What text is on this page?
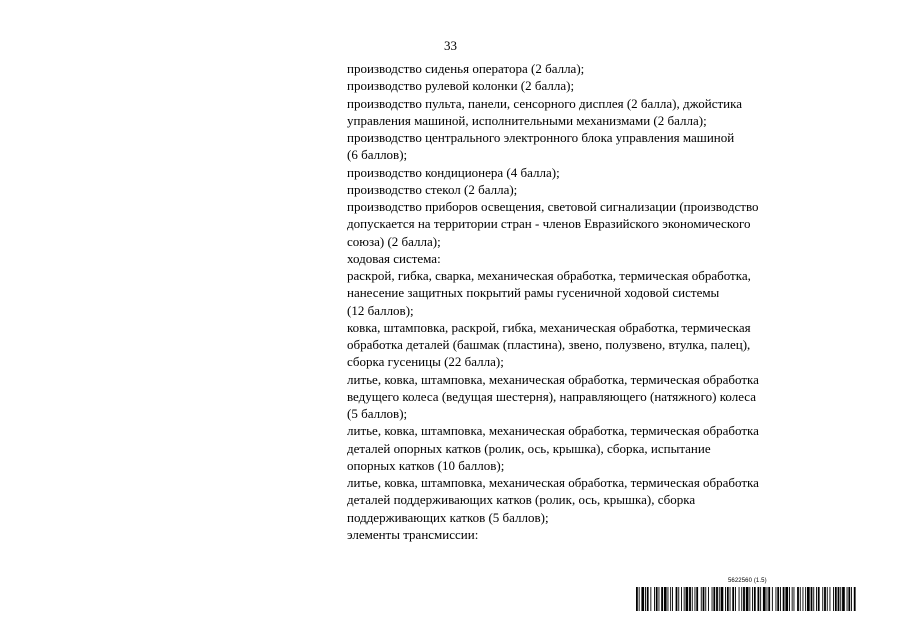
33

производство сиденья оператора (2 балла);

производство рулевой колонки (2 балла);

производство пульта, панели, сенсорного дисплея (2 балла), джойстика

управления машиной, исполнительными механизмами (2 балла);

производство центрального электронного блока управления машиной

(6 баллов);

производство кондиционера (4 балла);

производство стекол (2 балла);

производство приборов освещения, световой сигнализации (производство

допускается на территории стран - членов Евразийского экономического

союза) (2 балла);

ходовая система:

раскрой, гибка, сварка, механическая обработка, термическая обработка,

нанесение защитных покрытий рамы гусеничной ходовой системы

(12 баллов);

ковка, штамповка, раскрой, гибка, механическая обработка, термическая

обработка деталей (башмак (пластина), звено, полузвено, втулка, палец),

сборка гусеницы (22 балла);

литье, ковка, штамповка, механическая обработка, термическая обработка

ведущего колеса (ведущая шестерня), направляющего (натяжного) колеса

(5 баллов);

литье, ковка, штамповка, механическая обработка, термическая обработка

деталей опорных катков (ролик, ось, крышка), сборка, испытание

опорных катков (10 баллов);

литье, ковка, штамповка, механическая обработка, термическая обработка

деталей поддерживающих катков (ролик, ось, крышка), сборка

поддерживающих катков (5 баллов);

элементы трансмиссии:

5622560 (1.5)
